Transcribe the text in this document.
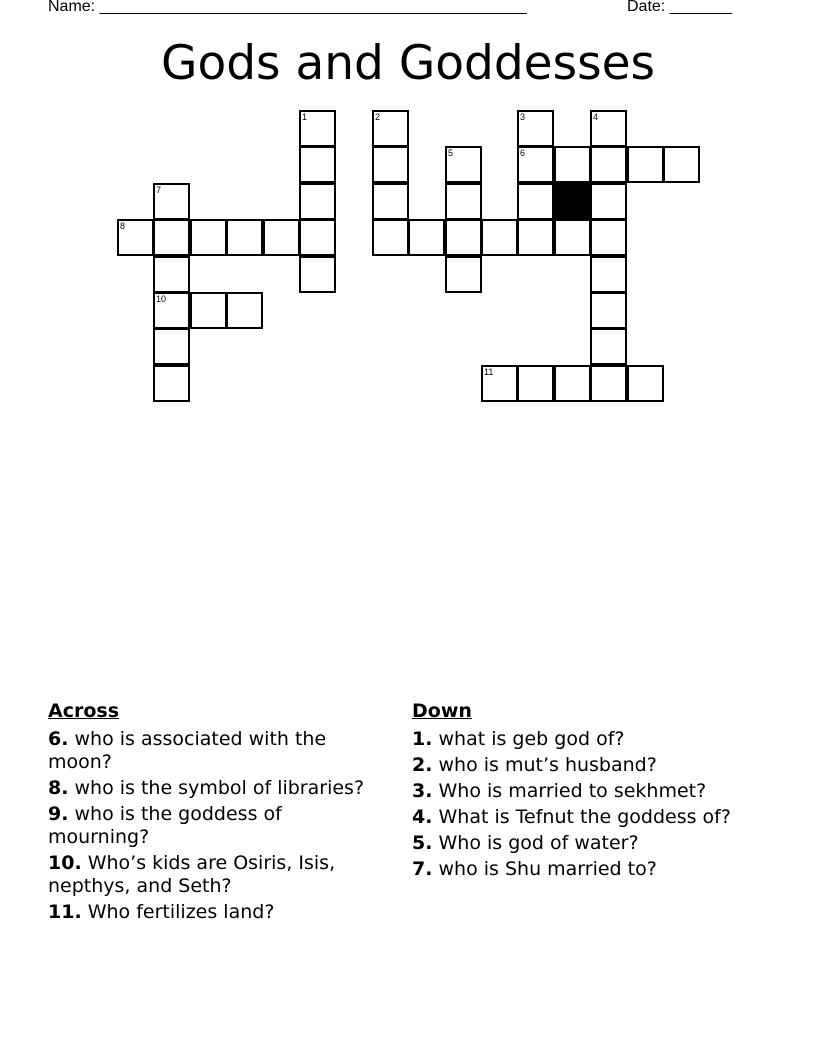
Name: ________________________________________________	Date: _______
Gods and Goddesses
1	2	3	4
6
5
7
10
8
11
Across
6. who is associated with the moon?
8. who is the symbol of libraries?
9. who is the goddess of mourning?
10. Who’s kids are Osiris, Isis, nepthys, and Seth?
11. Who fertilizes land?
Down
1. what is geb god of?
2. who is mut’s husband?
3. Who is married to sekhmet?
4. What is Tefnut the goddess of?
5. Who is god of water?
7. who is Shu married to?
